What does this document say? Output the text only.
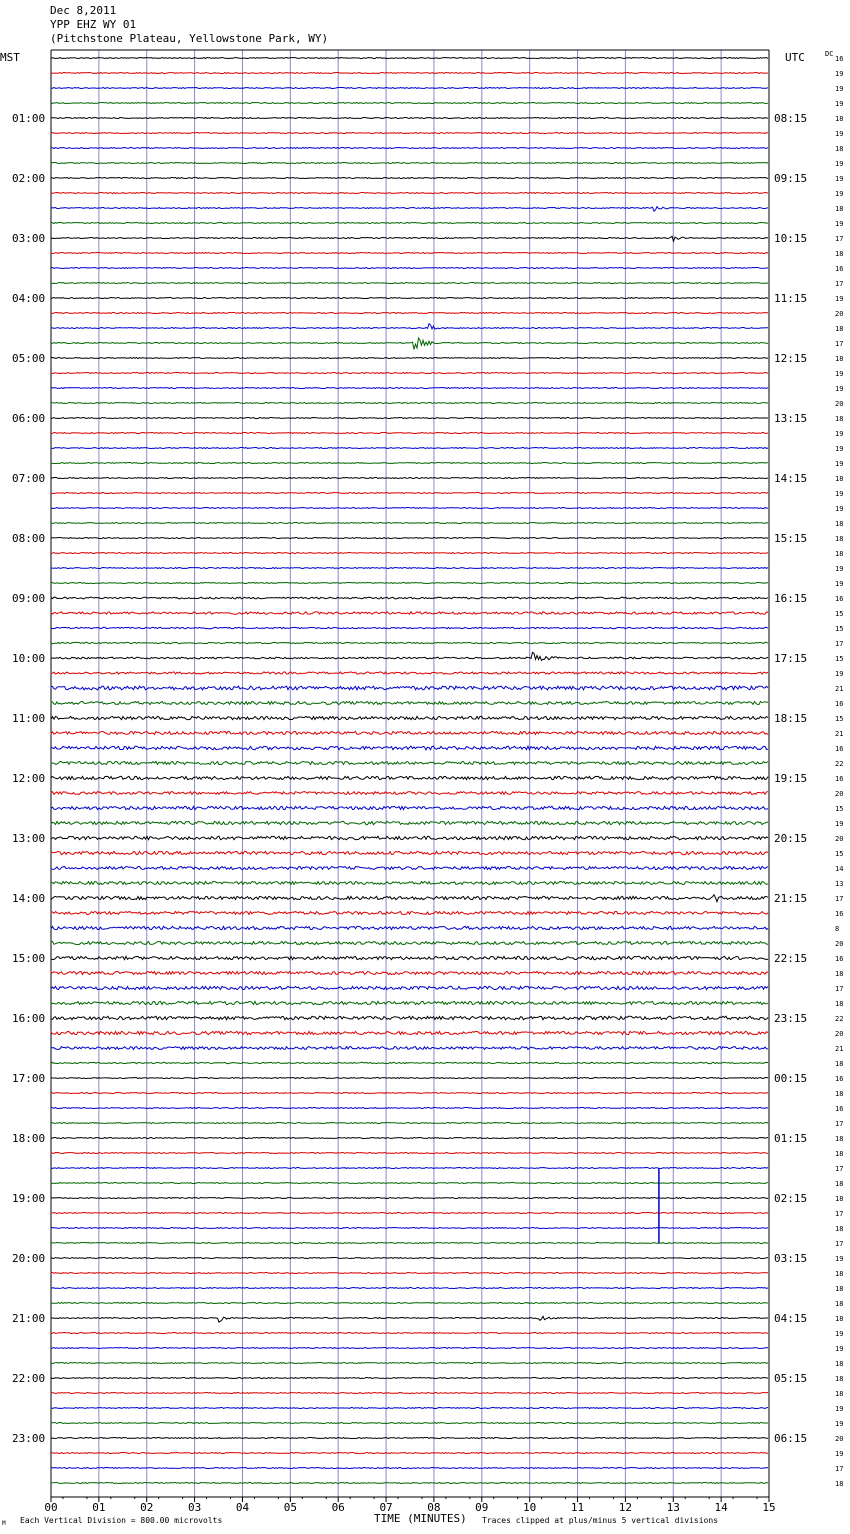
Dec 8,2011
YPP EHZ WY 01
(Pitchstone Plateau, Yellowstone Park, WY)
00	01	02	03	04	05	06	07	08	09	10	11	12	13	14	15
16
19
19
19
18
19
18
19
19
19
18
19
17
18
16
17
19
20
18
17
18
19
19
20
18
19
19
19
18
19
19
18
18
18
19
19
16
15
15
17
15
19
21
16
15
21
16
22
16
20
15
19
20
15
14
13
17
16
8
20
16
18
17
18
22
20
21
18
16
18
16
17
18
18
17
18
18
17
18
17
19
18
18
18
18
19
19
18
18
18
19
19
20
19
17
18
01:00
02:00
03:00
04:00
05:00
06:00
07:00
08:00
09:00
10:00
11:00
12:00
13:00
14:00
15:00
16:00
17:00
18:00
19:00
20:00
21:00
22:00
23:00
08:15
09:15
10:15
11:15
12:15
13:15
14:15
15:15
16:15
17:15
18:15
19:15
20:15
21:15
22:15
23:15
00:15
01:15
02:15
03:15
04:15
05:15
06:15
MST	UTC	DC
TIME (MINUTES)
M Each Vertical Division = 800.00 microvolts	Traces clipped at plus/minus 5 vertical divisions
